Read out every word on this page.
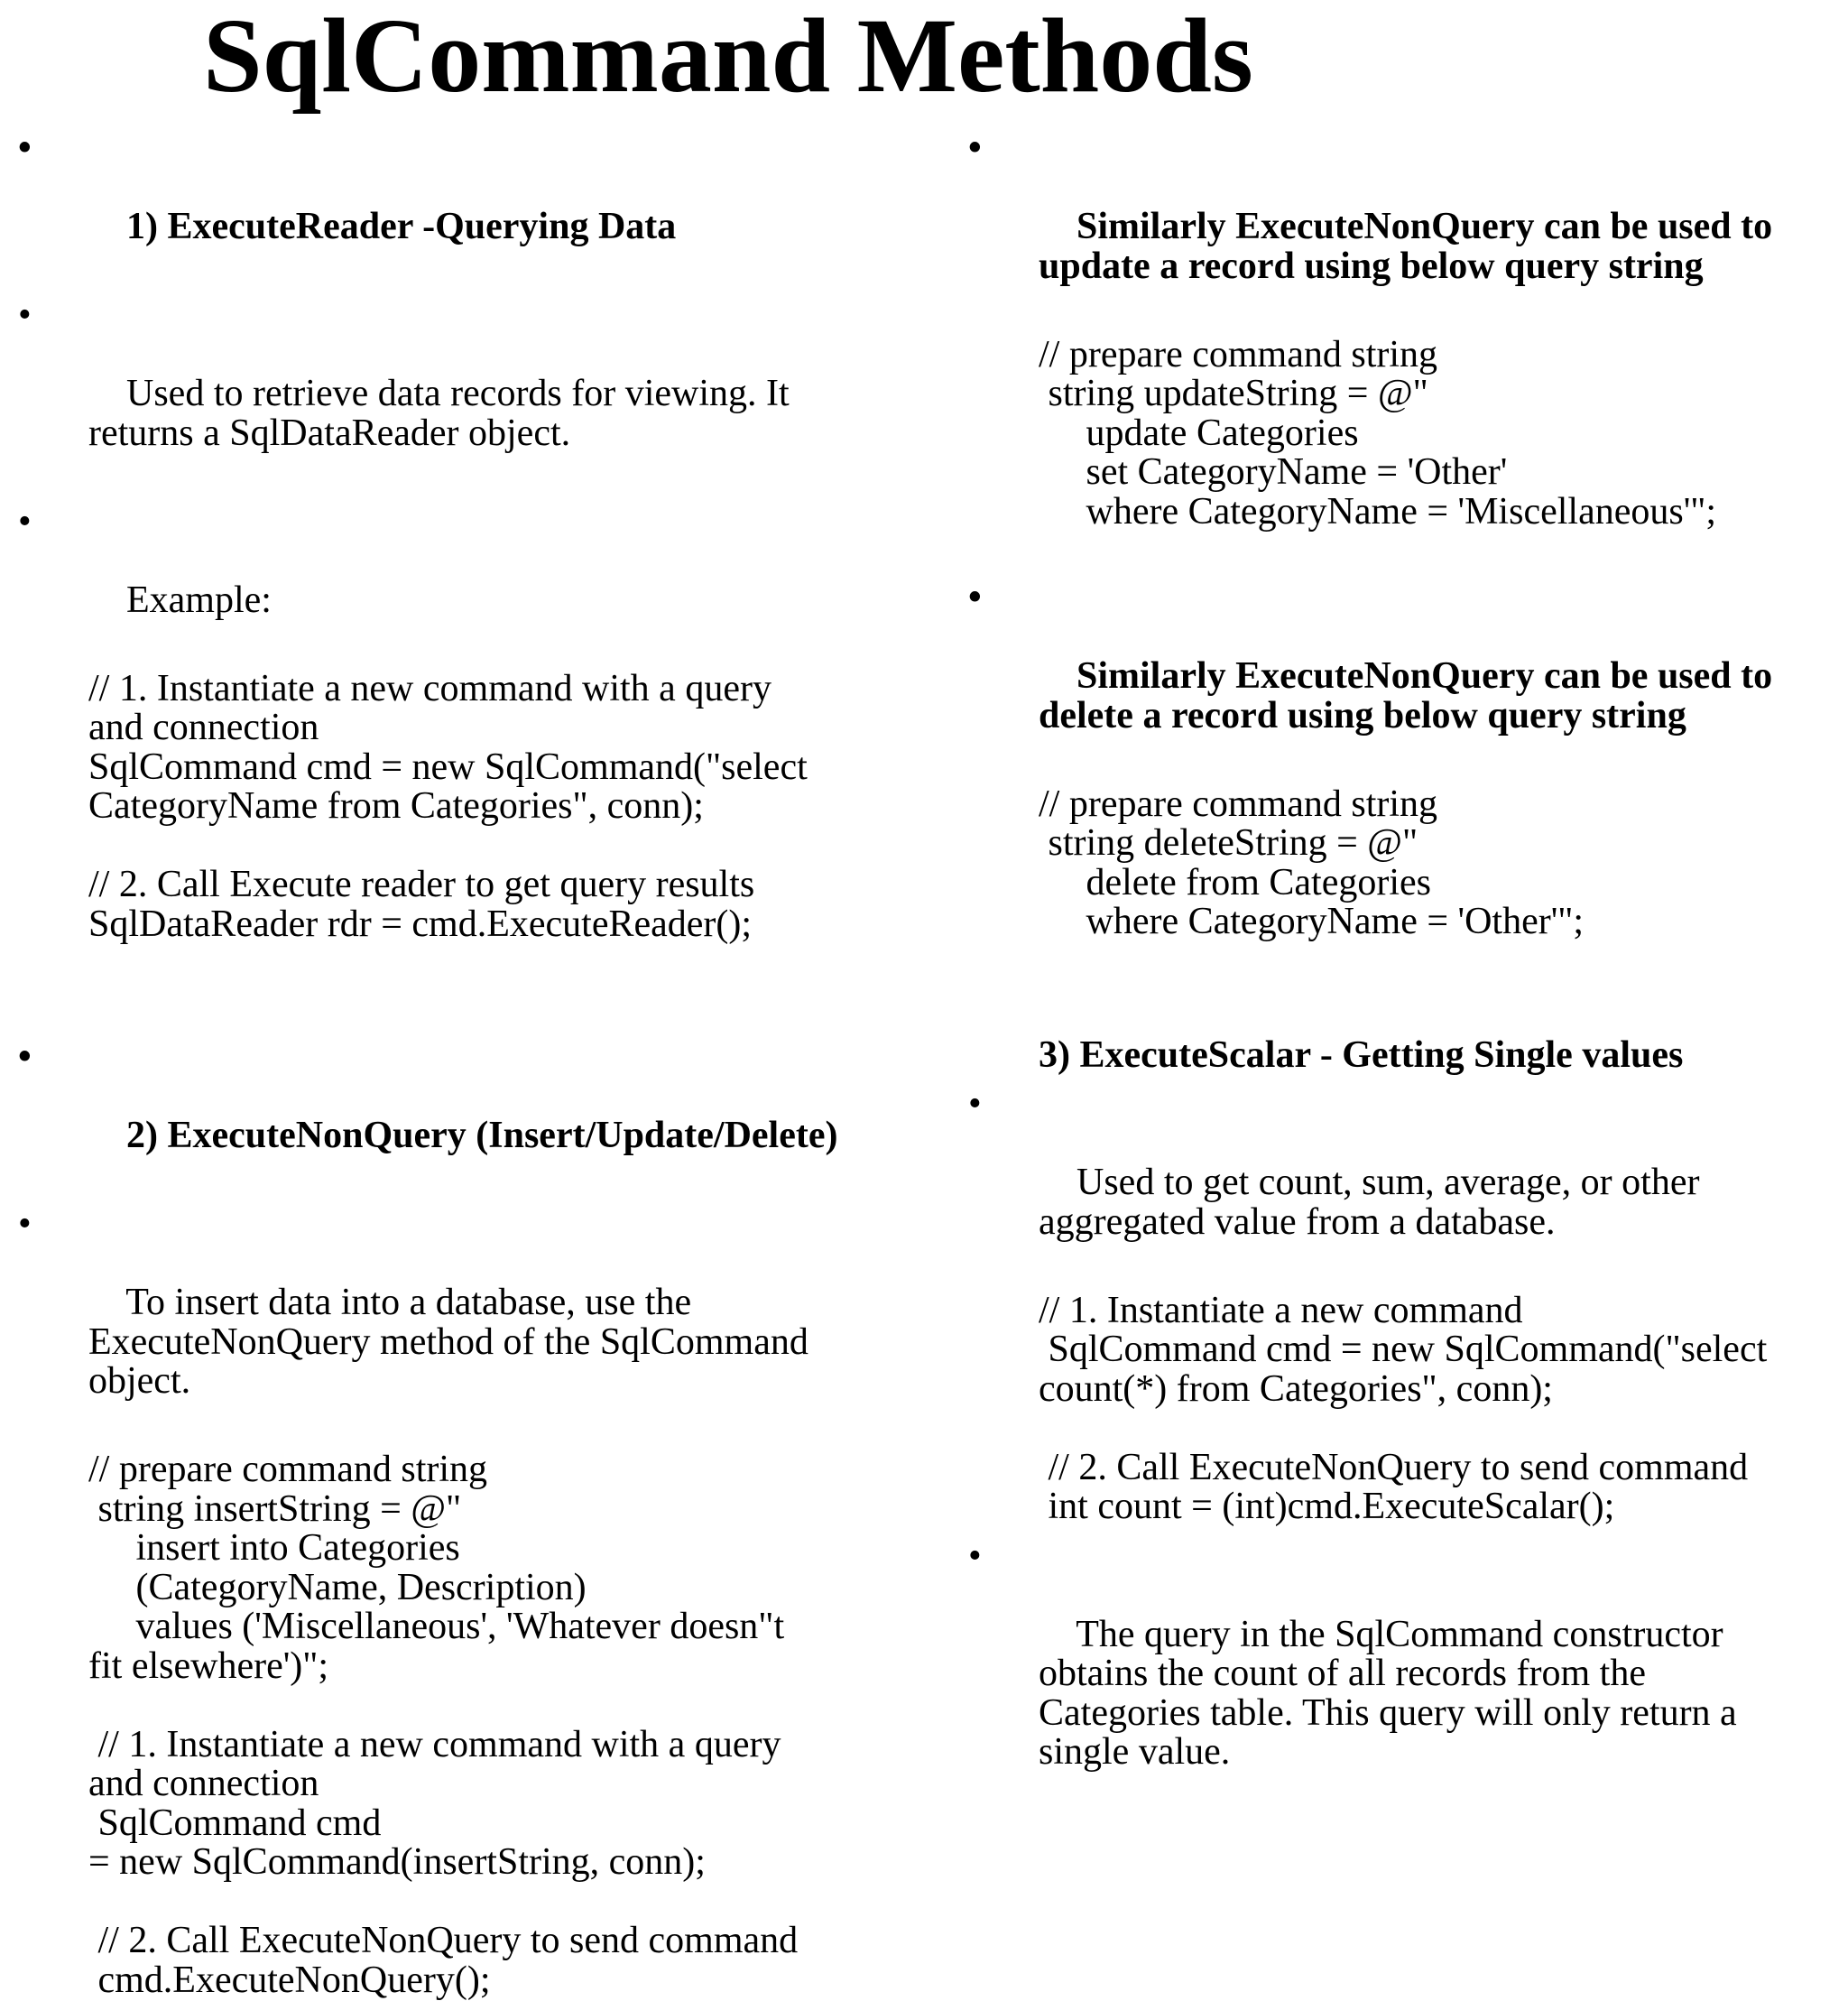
SqlCommand Methods

•

1) ExecuteReader -Querying Data

•

Used to retrieve data records for viewing. It
returns a SqlDataReader object.

•

Example:

// 1. Instantiate a new command with a query
and connection
SqlCommand cmd = new SqlCommand("select
CategoryName from Categories", conn);

// 2. Call Execute reader to get query results
SqlDataReader rdr = cmd.ExecuteReader();

•

2) ExecuteNonQuery (Insert/Update/Delete)

•

To insert data into a database, use the
ExecuteNonQuery method of the SqlCommand
object.

// prepare command string
string insertString = @"
insert into Categories
(CategoryName, Description)
values ('Miscellaneous', 'Whatever doesn"t
fit elsewhere')";

// 1. Instantiate a new command with a query
and connection
SqlCommand cmd
= new SqlCommand(insertString, conn);

// 2. Call ExecuteNonQuery to send command
cmd.ExecuteNonQuery();

•

Similarly ExecuteNonQuery can be used to
update a record using below query string

// prepare command string
string updateString = @"
update Categories
set CategoryName = 'Other'
where CategoryName = 'Miscellaneous'";

•

Similarly ExecuteNonQuery can be used to
delete a record using below query string

// prepare command string
string deleteString = @"
delete from Categories
where CategoryName = 'Other'";
3) ExecuteScalar - Getting Single values

•

Used to get count, sum, average, or other
aggregated value from a database.

// 1. Instantiate a new command
SqlCommand cmd = new SqlCommand("select
count(*) from Categories", conn);

// 2. Call ExecuteNonQuery to send command
int count = (int)cmd.ExecuteScalar();

•

The query in the SqlCommand constructor
obtains the count of all records from the
Categories table. This query will only return a
single value.
